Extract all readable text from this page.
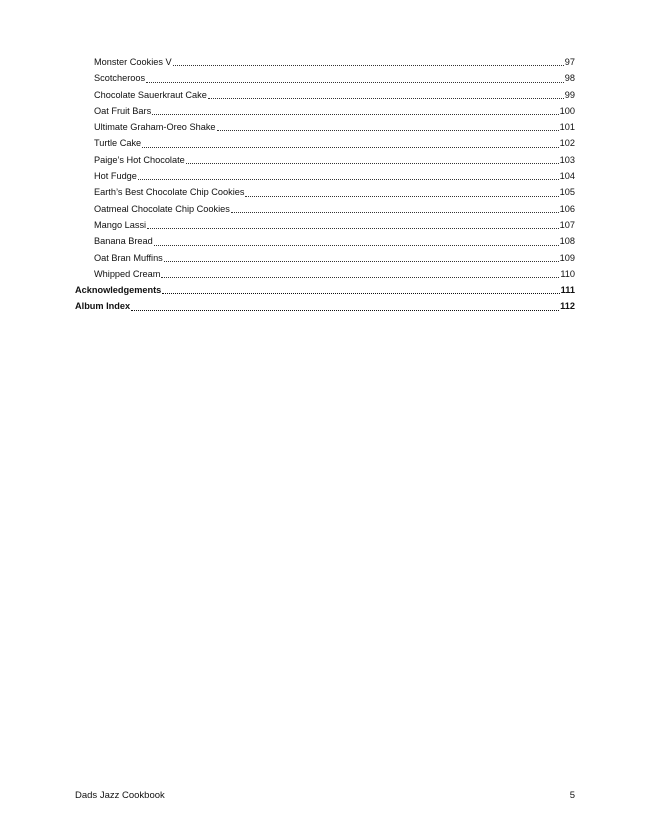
Monster Cookies V	97
Scotcheroos	98
Chocolate Sauerkraut Cake	99
Oat Fruit Bars	100
Ultimate Graham-Oreo Shake	101
Turtle Cake	102
Paige’s Hot Chocolate	103
Hot Fudge	104
Earth’s Best Chocolate Chip Cookies	105
Oatmeal Chocolate Chip Cookies	106
Mango Lassi	107
Banana Bread	108
Oat Bran Muffins	109
Whipped Cream	110
Acknowledgements	111
Album Index	112
Dads Jazz Cookbook	5
